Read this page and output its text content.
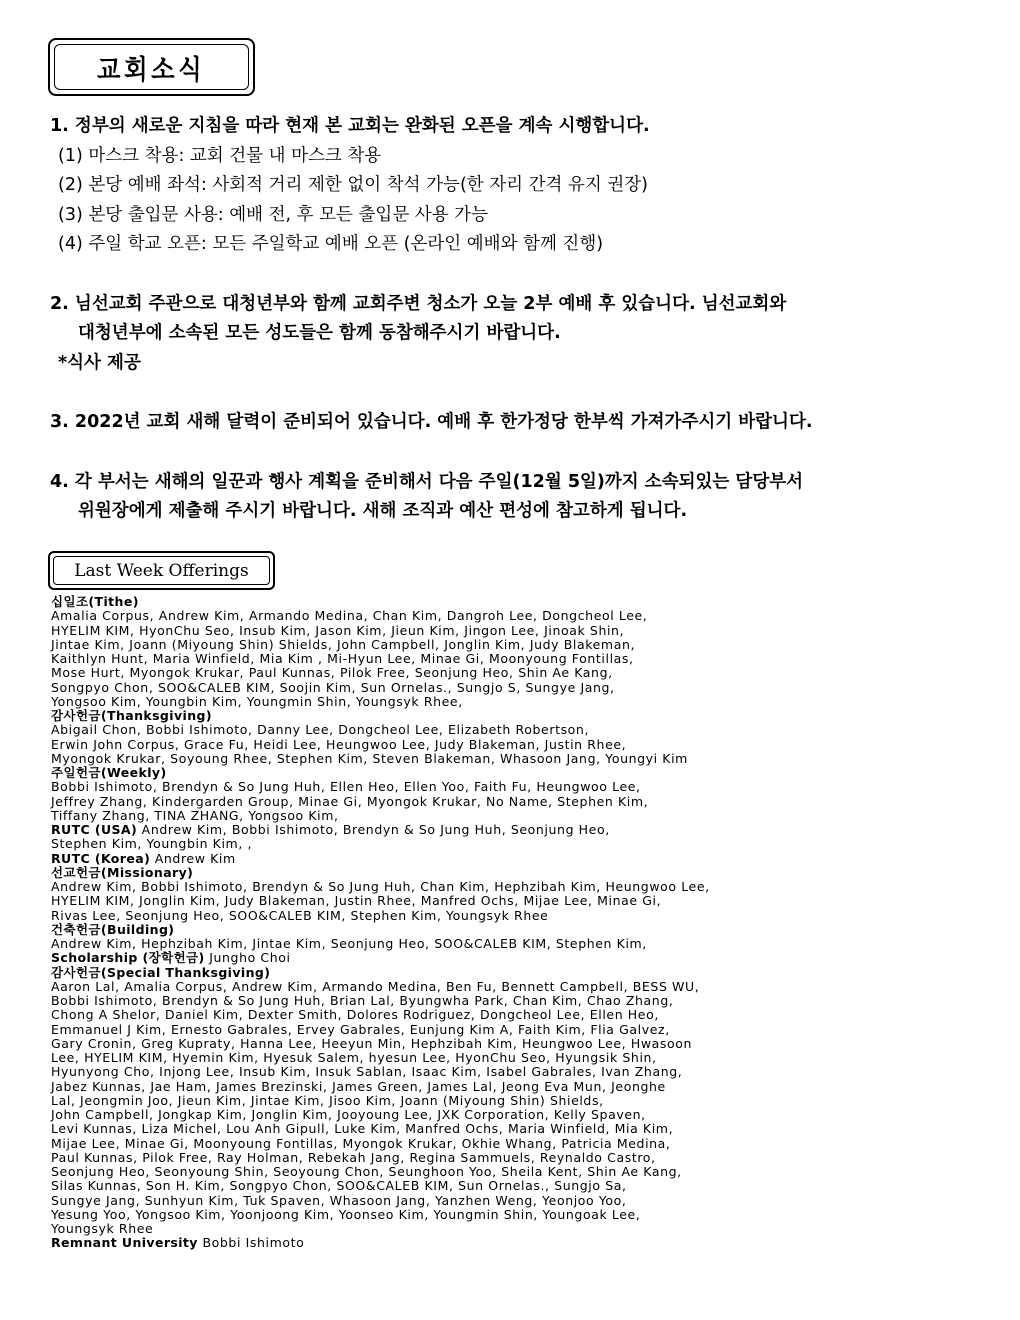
교회소식
1. 정부의 새로운 지침을 따라 현재 본 교회는 완화된 오픈을 계속 시행합니다.
(1) 마스크 착용: 교회 건물 내 마스크 착용
(2) 본당 예배 좌석: 사회적 거리 제한 없이 착석 가능(한 자리 간격 유지 권장)
(3) 본당 출입문 사용: 예배 전, 후 모든 출입문 사용 가능
(4) 주일 학교 오픈: 모든 주일학교 예배 오픈 (온라인 예배와 함께 진행)
2. 님선교회 주관으로 대청년부와 함께 교회주변 청소가 오늘 2부 예배 후 있습니다. 님선교회와
대청년부에 소속된 모든 성도들은 함께 동참해주시기 바랍니다.
*식사 제공
3. 2022년 교회 새해 달력이 준비되어 있습니다. 예배 후 한가정당 한부씩 가져가주시기 바랍니다.
4. 각 부서는 새해의 일꾼과 행사 계획을 준비해서 다음 주일(12월 5일)까지 소속되있는 담당부서
위원장에게 제출해 주시기 바랍니다. 새해 조직과 예산 편성에 참고하게 됩니다.
Last Week Offerings
십일조(Tithe)
Amalia Corpus, Andrew Kim, Armando Medina, Chan Kim, Dangroh Lee, Dongcheol Lee,
HYELIM KIM, HyonChu Seo, Insub Kim, Jason Kim, Jieun Kim, Jingon Lee, Jinoak Shin,
Jintae Kim, Joann (Miyoung Shin) Shields, John Campbell, Jonglin Kim, Judy Blakeman,
Kaithlyn Hunt, Maria Winfield, Mia Kim , Mi-Hyun Lee, Minae Gi, Moonyoung Fontillas,
Mose Hurt, Myongok Krukar, Paul Kunnas, Pilok Free, Seonjung Heo, Shin Ae Kang,
Songpyo Chon, SOO&CALEB KIM, Soojin Kim, Sun Ornelas., Sungjo S, Sungye Jang,
Yongsoo Kim, Youngbin Kim, Youngmin Shin, Youngsyk Rhee,
감사헌금(Thanksgiving)
Abigail Chon, Bobbi Ishimoto, Danny Lee, Dongcheol Lee, Elizabeth Robertson,
Erwin John Corpus, Grace Fu, Heidi Lee, Heungwoo Lee, Judy Blakeman, Justin Rhee,
Myongok Krukar, Soyoung Rhee, Stephen Kim, Steven Blakeman, Whasoon Jang, Youngyi Kim
주일헌금(Weekly)
Bobbi Ishimoto, Brendyn & So Jung Huh, Ellen Heo, Ellen Yoo, Faith Fu, Heungwoo Lee,
Jeffrey Zhang, Kindergarden Group, Minae Gi, Myongok Krukar, No Name, Stephen Kim,
Tiffany Zhang, TINA ZHANG, Yongsoo Kim,
RUTC (USA) Andrew Kim, Bobbi Ishimoto, Brendyn & So Jung Huh, Seonjung Heo,
Stephen Kim, Youngbin Kim, ,
RUTC (Korea) Andrew Kim
선교헌금(Missionary)
Andrew Kim, Bobbi Ishimoto, Brendyn & So Jung Huh, Chan Kim, Hephzibah Kim, Heungwoo Lee,
HYELIM KIM, Jonglin Kim, Judy Blakeman, Justin Rhee, Manfred Ochs, Mijae Lee, Minae Gi,
Rivas Lee, Seonjung Heo, SOO&CALEB KIM, Stephen Kim, Youngsyk Rhee
건축헌금(Building)
Andrew Kim, Hephzibah Kim, Jintae Kim, Seonjung Heo, SOO&CALEB KIM, Stephen Kim,
Scholarship (장학헌금) Jungho Choi
감사헌금(Special Thanksgiving)
Aaron Lal, Amalia Corpus, Andrew Kim, Armando Medina, Ben Fu, Bennett Campbell, BESS WU,
Bobbi Ishimoto, Brendyn & So Jung Huh, Brian Lal, Byungwha Park, Chan Kim, Chao Zhang,
Chong A Shelor, Daniel Kim, Dexter Smith, Dolores Rodriguez, Dongcheol Lee, Ellen Heo,
Emmanuel J Kim, Ernesto Gabrales, Ervey Gabrales, Eunjung Kim A, Faith Kim, Flia Galvez,
Gary Cronin, Greg Kupraty, Hanna Lee, Heeyun Min, Hephzibah Kim, Heungwoo Lee, Hwasoon
Lee, HYELIM KIM, Hyemin Kim, Hyesuk Salem, hyesun Lee, HyonChu Seo, Hyungsik Shin,
Hyunyong Cho, Injong Lee, Insub Kim, Insuk Sablan, Isaac Kim, Isabel Gabrales, Ivan Zhang,
Jabez Kunnas, Jae Ham, James Brezinski, James Green, James Lal, Jeong Eva Mun, Jeonghe
Lal, Jeongmin Joo, Jieun Kim, Jintae Kim, Jisoo Kim, Joann (Miyoung Shin) Shields,
John Campbell, Jongkap Kim, Jonglin Kim, Jooyoung Lee, JXK Corporation, Kelly Spaven,
Levi Kunnas, Liza Michel, Lou Anh Gipull, Luke Kim, Manfred Ochs, Maria Winfield, Mia Kim,
Mijae Lee, Minae Gi, Moonyoung Fontillas, Myongok Krukar, Okhie Whang, Patricia Medina,
Paul Kunnas, Pilok Free, Ray Holman, Rebekah Jang, Regina Sammuels, Reynaldo Castro,
Seonjung Heo, Seonyoung Shin, Seoyoung Chon, Seunghoon Yoo, Sheila Kent, Shin Ae Kang,
Silas Kunnas, Son H. Kim, Songpyo Chon, SOO&CALEB KIM, Sun Ornelas., Sungjo Sa,
Sungye Jang, Sunhyun Kim, Tuk Spaven, Whasoon Jang, Yanzhen Weng, Yeonjoo Yoo,
Yesung Yoo, Yongsoo Kim, Yoonjoong Kim, Yoonseo Kim, Youngmin Shin, Youngoak Lee,
Youngsyk Rhee
Remnant University Bobbi Ishimoto
